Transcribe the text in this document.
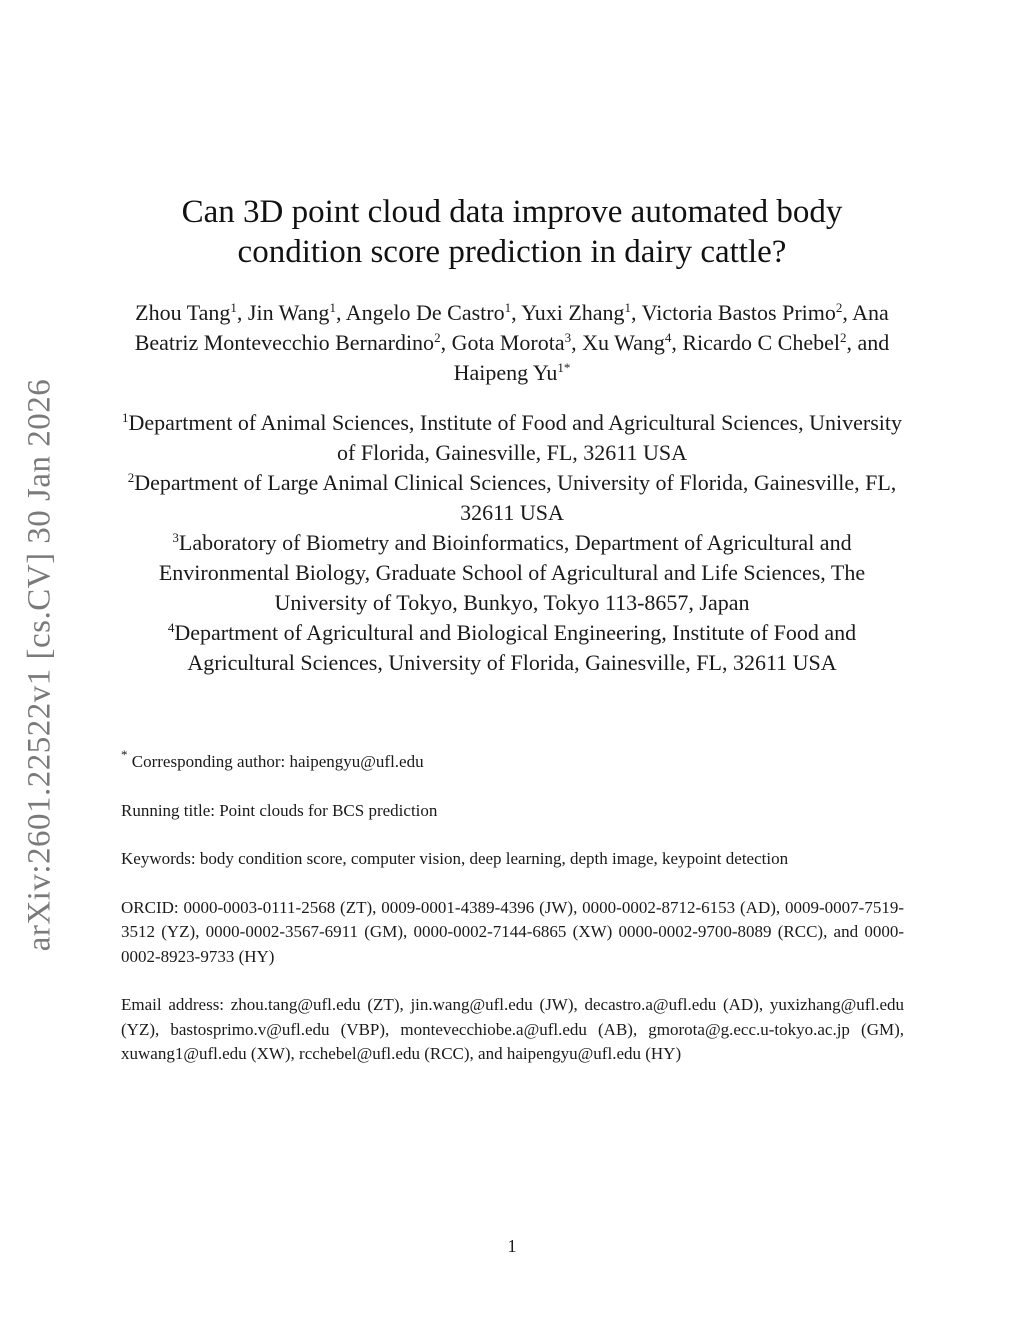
arXiv:2601.22522v1 [cs.CV] 30 Jan 2026
Can 3D point cloud data improve automated body
condition score prediction in dairy cattle?
Zhou Tang$^1$, Jin Wang$^1$, Angelo De Castro$^1$, Yuxi Zhang$^1$, Victoria Bastos Primo$^2$, Ana Beatriz Montevecchio Bernardino$^2$, Gota Morota$^3$, Xu Wang$^4$, Ricardo C Chebel$^2$, and Haipeng $Yu^{1*}$
$^1$Department of Animal Sciences, Institute of Food and Agricultural Sciences, University of Florida, Gainesville, FL, 32611 USA
$^2$Department of Large Animal Clinical Sciences, University of Florida, Gainesville, FL, 32611 USA
$^3$Laboratory of Biometry and Bioinformatics, Department of Agricultural and Environmental Biology, Graduate School of Agricultural and Life Sciences, The University of Tokyo, Bunkyo, Tokyo 113-8657, Japan
$^4$Department of Agricultural and Biological Engineering, Institute of Food and Agricultural Sciences, University of Florida, Gainesville, FL, 32611 USA

* Corresponding author: haipengyu@ufl.edu

Running title: Point clouds for BCS prediction

Keywords: body condition score, computer vision, deep learning, depth image, keypoint detection

ORCID: 0000-0003-0111-2568 (ZT), 0009-0001-4389-4396 (JW), 0000-0002-8712-6153 (AD), 0009-0007-7519-3512 (YZ), 0000-0002-3567-6911 (GM), 0000-0002-7144-6865 (XW) 0000-0002-9700-8089 (RCC), and 0000-0002-8923-9733 (HY)

Email address: zhou.tang@ufl.edu (ZT), jin.wang@ufl.edu (JW), decastro.a@ufl.edu (AD), yuxizhang@ufl.edu (YZ), bastosprimo.v@ufl.edu (VBP), montevecchiobe.a@ufl.edu (AB), gmorota@g.ecc.u-tokyo.ac.jp (GM), xuwang1@ufl.edu (XW), rcchebel@ufl.edu (RCC), and haipengyu@ufl.edu (HY)

1
